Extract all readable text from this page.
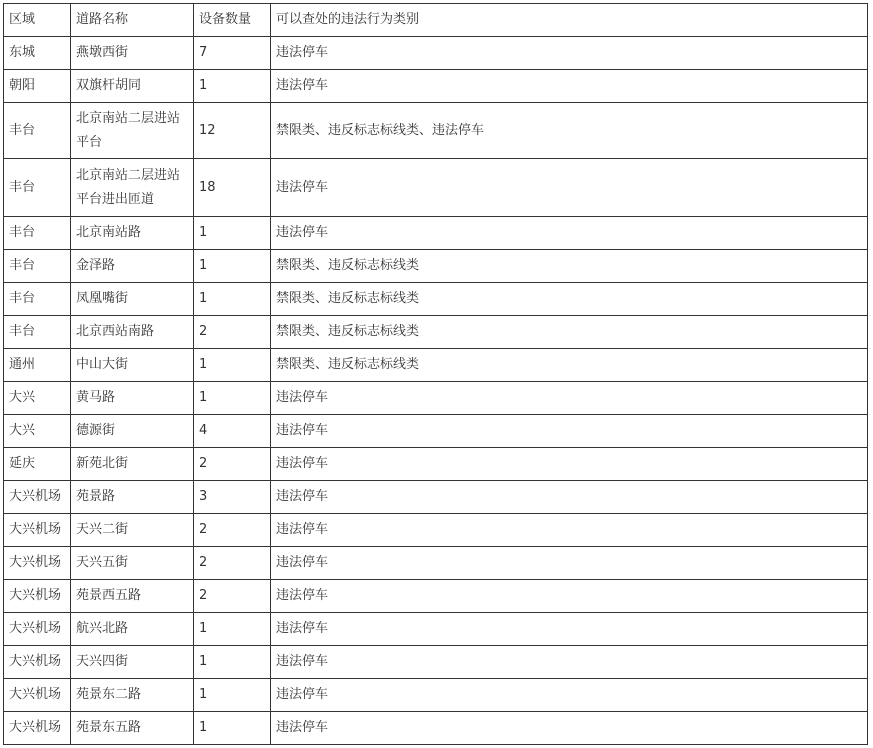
区域	道路名称	设备数量	可以查处的违法行为类别
东城	燕墩西街	7	违法停车
朝阳	双旗杆胡同	1	违法停车
丰台	北京南站二层进站平台	12	禁限类、违反标志标线类、违法停车
丰台	北京南站二层进站平台进出匝道	18	违法停车
丰台	北京南站路	1	违法停车
丰台	金泽路	1	禁限类、违反标志标线类
丰台	凤凰嘴街	1	禁限类、违反标志标线类
丰台	北京西站南路	2	禁限类、违反标志标线类
通州	中山大街	1	禁限类、违反标志标线类
大兴	黄马路	1	违法停车
大兴	德源街	4	违法停车
延庆	新苑北街	2	违法停车
大兴机场	苑景路	3	违法停车
大兴机场	天兴二街	2	违法停车
大兴机场	天兴五街	2	违法停车
大兴机场	苑景西五路	2	违法停车
大兴机场	航兴北路	1	违法停车
大兴机场	天兴四街	1	违法停车
大兴机场	苑景东二路	1	违法停车
大兴机场	苑景东五路	1	违法停车
